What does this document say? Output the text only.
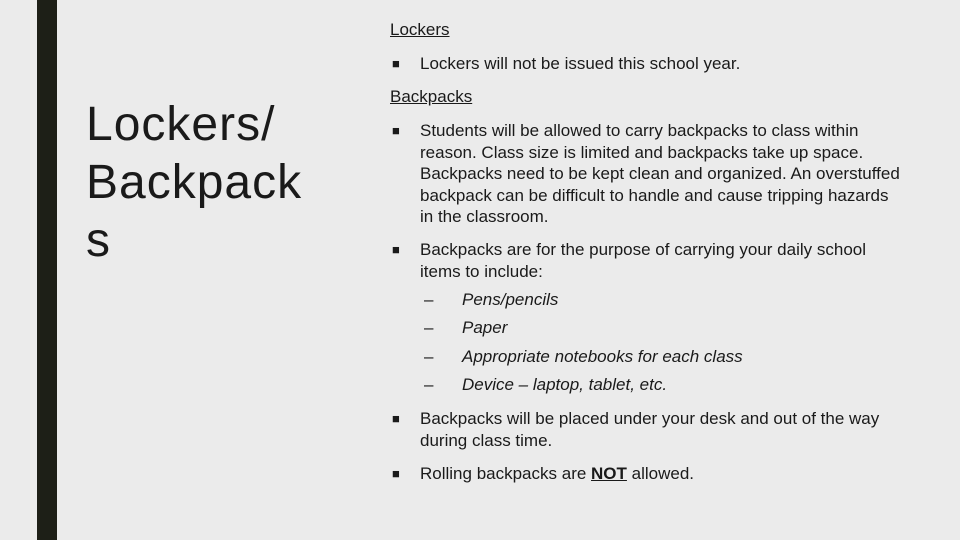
Lockers/
Backpack
s

Lockers

■ Lockers will not be issued this school year.

Backpacks

■ Students will be allowed to carry backpacks to class within reason. Class size is limited and backpacks take up space. Backpacks need to be kept clean and organized. An overstuffed backpack can be difficult to handle and cause tripping hazards in the classroom.
■ Backpacks are for the purpose of carrying your daily school items to include:
– Pens/pencils
– Paper
– Appropriate notebooks for each class
– Device – laptop, tablet, etc.
■ Backpacks will be placed under your desk and out of the way during class time.
■ Rolling backpacks are NOT allowed.
